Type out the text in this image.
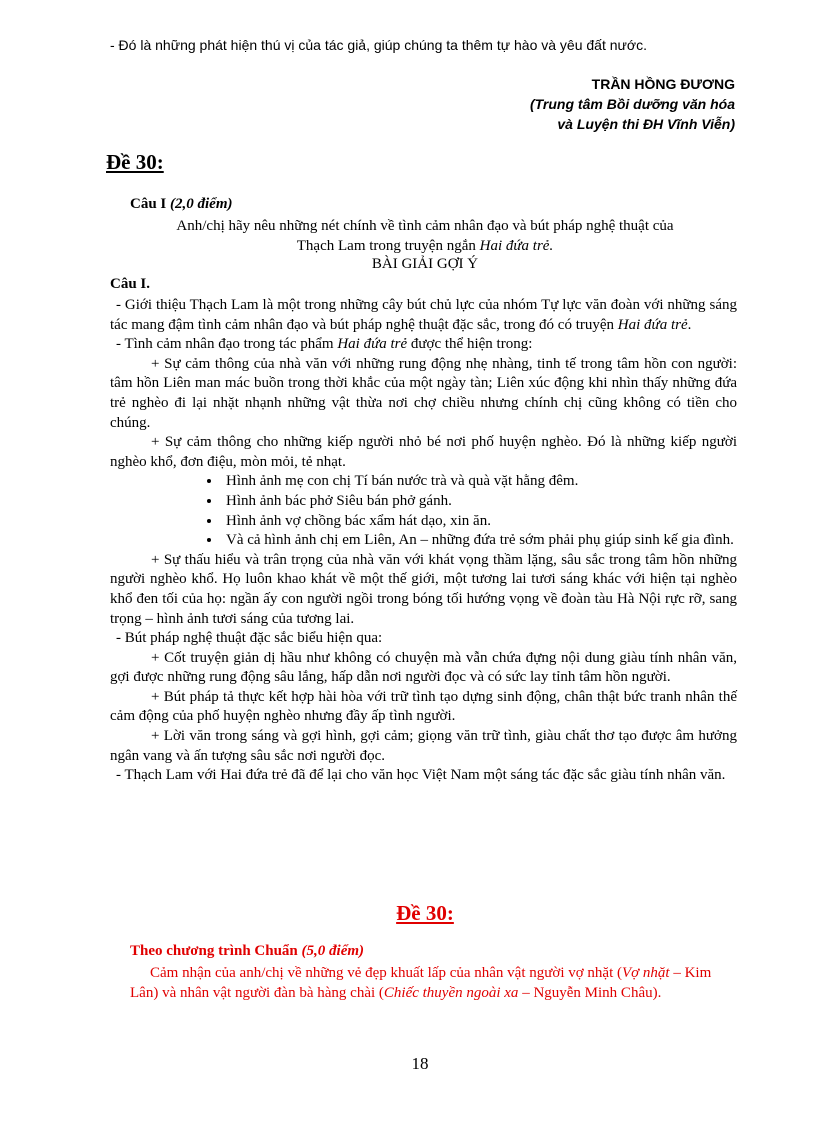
- Đó là những phát hiện thú vị của tác giả, giúp chúng ta thêm tự hào và yêu đất nước.
TRẦN HỒNG ĐƯƠNG
(Trung tâm Bồi dưỡng văn hóa
và Luyện thi ĐH Vĩnh Viễn)
Đề 30:
Câu I (2,0 điểm)
Anh/chị hãy nêu những nét chính về tình cảm nhân đạo và bút pháp nghệ thuật của
Thạch Lam trong truyện ngắn Hai đứa trẻ.
BÀI GIẢI GỢI Ý
Câu I.

- Giới thiệu Thạch Lam là một trong những cây bút chủ lực của nhóm Tự lực văn đoàn với những sáng tác mang đậm tình cảm nhân đạo và bút pháp nghệ thuật đặc sắc, trong đó có truyện Hai đứa trẻ.

- Tình cảm nhân đạo trong tác phẩm Hai đứa trẻ được thể hiện trong:

+ Sự cảm thông của nhà văn với những rung động nhẹ nhàng, tinh tế trong tâm hồn con người: tâm hồn Liên man mác buồn trong thời khắc của một ngày tàn; Liên xúc động khi nhìn thấy những đứa trẻ nghèo đi lại nhặt nhạnh những vật thừa nơi chợ chiều nhưng chính chị cũng không có tiền cho chúng.

+ Sự cảm thông cho những kiếp người nhỏ bé nơi phố huyện nghèo. Đó là những kiếp người nghèo khổ, đơn điệu, mòn mỏi, tẻ nhạt.

• Hình ảnh mẹ con chị Tí bán nước trà và quà vặt hằng đêm.
• Hình ảnh bác phở Siêu bán phở gánh.
• Hình ảnh vợ chồng bác xẩm hát dạo, xin ăn.
• Và cả hình ảnh chị em Liên, An – những đứa trẻ sớm phải phụ giúp sinh kế gia đình.

+ Sự thấu hiểu và trân trọng của nhà văn với khát vọng thầm lặng, sâu sắc trong tâm hồn những người nghèo khổ. Họ luôn khao khát về một thế giới, một tương lai tươi sáng khác với hiện tại nghèo khổ đen tối của họ: ngần ấy con người ngồi trong bóng tối hướng vọng về đoàn tàu Hà Nội rực rỡ, sang trọng – hình ảnh tươi sáng của tương lai.

- Bút pháp nghệ thuật đặc sắc biểu hiện qua:

+ Cốt truyện giản dị hầu như không có chuyện mà vẫn chứa đựng nội dung giàu tính nhân văn, gợi được những rung động sâu lắng, hấp dẫn nơi người đọc và có sức lay tỉnh tâm hồn người.

+ Bút pháp tả thực kết hợp hài hòa với trữ tình tạo dựng sinh động, chân thật bức tranh nhân thế cảm động của phố huyện nghèo nhưng đầy ấp tình người.

+ Lời văn trong sáng và gợi hình, gợi cảm; giọng văn trữ tình, giàu chất thơ tạo được âm hưởng ngân vang và ấn tượng sâu sắc nơi người đọc.

- Thạch Lam với Hai đứa trẻ đã để lại cho văn học Việt Nam một sáng tác đặc sắc giàu tính nhân văn.

Đề 30:
Theo chương trình Chuẩn (5,0 điểm)
Cảm nhận của anh/chị về những vẻ đẹp khuất lấp của nhân vật người vợ nhặt (Vợ nhặt – Kim Lân) và nhân vật người đàn bà hàng chài (Chiếc thuyền ngoài xa – Nguyễn Minh Châu).
18
